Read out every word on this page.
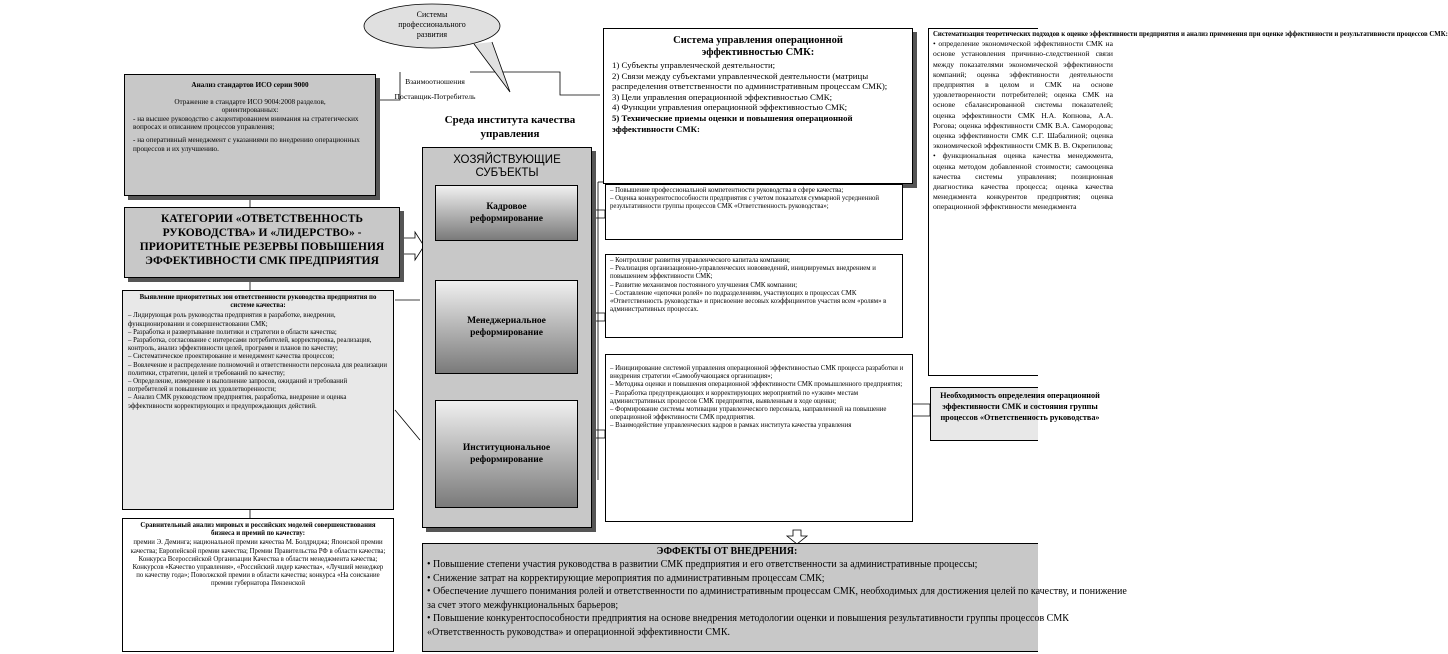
Системы профессионального развития
Взаимоотношения
Поставщик-Потребитель
Анализ стандартов ИСО серии 9000
Отражение в стандарте ИСО 9004:2008 разделов, ориентированных:
- на высшее руководство с акцентированием внимания на стратегических вопросах и описанием процессов управления;
- на оперативный менеджмент с указаниями по внедрению операционных процессов и их улучшению.
КАТЕГОРИИ «ОТВЕТСТВЕННОСТЬ РУКОВОДСТВА» И «ЛИДЕРСТВО» - ПРИОРИТЕТНЫЕ РЕЗЕРВЫ ПОВЫШЕНИЯ ЭФФЕКТИВНОСТИ СМК ПРЕДПРИЯТИЯ
Выявление приоритетных зон ответственности руководства предприятия по системе качества:
– Лидирующая роль руководства предприятия в разработке, внедрении, функционировании и совершенствовании СМК;
– Разработка и развертывание политики и стратегии в области качества;
– Разработка, согласование с интересами потребителей, корректировка, реализация, контроль, анализ эффективности целей, программ и планов по качеству;
– Систематическое проектирование и менеджмент качества процессов;
– Вовлечение и распределение полномочий и ответственности персонала для реализации политики, стратегии, целей и требований по качеству;
– Определение, измерение и выполнение запросов, ожиданий и требований потребителей и повышение их удовлетворенности;
– Анализ СМК руководством предприятия, разработка, внедрение и оценка эффективности корректирующих и предупреждающих действий.
Сравнительный анализ мировых и российских моделей совершенствования бизнеса и премий по качеству:
премии Э. Деминга; национальной премии качества М. Болдриджа; Японской премии качества; Европейской премии качества; Премии Правительства РФ в области качества; Конкурса Всероссийской Организации Качества в области менеджмента качества; Конкурсов «Качество управления», «Российский лидер качества», «Лучший менеджер по качеству года»; Поволжской премии в области качества; конкурса «На соискание премии губернатора Пензенской
Среда института качества управления
ХОЗЯЙСТВУЮЩИЕ СУБЪЕКТЫ
Кадровое реформирование
Менеджериальное реформирование
Институциональное реформирование
Система управления операционной эффективностью СМК:
1) Субъекты управленческой деятельности;
2) Связи между субъектами управленческой деятельности (матрицы распределения ответственности по административным процессам СМК);
3) Цели управления операционной эффективностью СМК;
4) Функции управления операционной эффективностью СМК;
5) Технические приемы оценки и повышения операционной эффективности СМК:
– Повышение профессиональной компетентности руководства в сфере качества;
– Оценка конкурентоспособности предприятия с учетом показателя суммарной усредненной результативности группы процессов СМК «Ответственность руководства»;
– Контроллинг развития управленческого капитала компании;
– Реализация организационно-управленческих нововведений, инициируемых внедрением и повышением эффективности СМК;
– Развитие механизмов постоянного улучшения СМК компании;
– Составление «цепочки ролей» по подразделениям, участвующих в процессах СМК «Ответственность руководства» и присвоение весовых коэффициентов участия всем «ролям» в административных процессах.
– Инициирование системой управления операционной эффективностью СМК процесса разработки и внедрения стратегии «Самообучающаяся организация»;
– Методика оценки и повышения операционной эффективности СМК промышленного предприятия;
– Разработка предупреждающих и корректирующих мероприятий по «узким» местам административных процессов СМК предприятия, выявленным в ходе оценки;
– Формирование системы мотивации управленческого персонала, направленной на повышение операционной эффективности СМК предприятия.
– Взаимодействие управленческих кадров в рамках института качества управления
Систематизация теоретических подходов к оценке эффективности предприятия и анализ применения при оценке эффективности и результативности процессов СМК:
• определение экономической эффективности СМК на основе установления причинно-следственной связи между показателями экономической эффективности компаний; оценка эффективности деятельности предприятия в целом и СМК на основе удовлетворенности потребителей; оценка СМК на основе сбалансированной системы показателей; оценка эффективности СМК Н.А. Копнова, А.А. Рогова; оценка эффективности СМК В.А. Самородова; оценка эффективности СМК С.Г. Шабалиной; оценка экономической эффективности СМК В. В. Окрепилова;
• функциональная оценка качества менеджмента, оценка методом добавленной стоимости; самооценка качества системы управления; позиционная диагностика качества процесса; оценка качества менеджмента конкурентов предприятия; оценка операционной эффективности менеджмента
Необходимость определения операционной эффективности СМК и состояния группы процессов «Ответственность руководства»
ЭФФЕКТЫ ОТ ВНЕДРЕНИЯ:
• Повышение степени участия руководства в развитии СМК предприятия и его ответственности за административные процессы;
• Снижение затрат на корректирующие мероприятия по административным процессам СМК;
• Обеспечение лучшего понимания ролей и ответственности по административным процессам СМК, необходимых для достижения целей по качеству, и понижение за счет этого межфункциональных барьеров;
• Повышение конкурентоспособности предприятия на основе внедрения методологии оценки и повышения результативности группы процессов СМК «Ответственность руководства» и операционной эффективности СМК.
